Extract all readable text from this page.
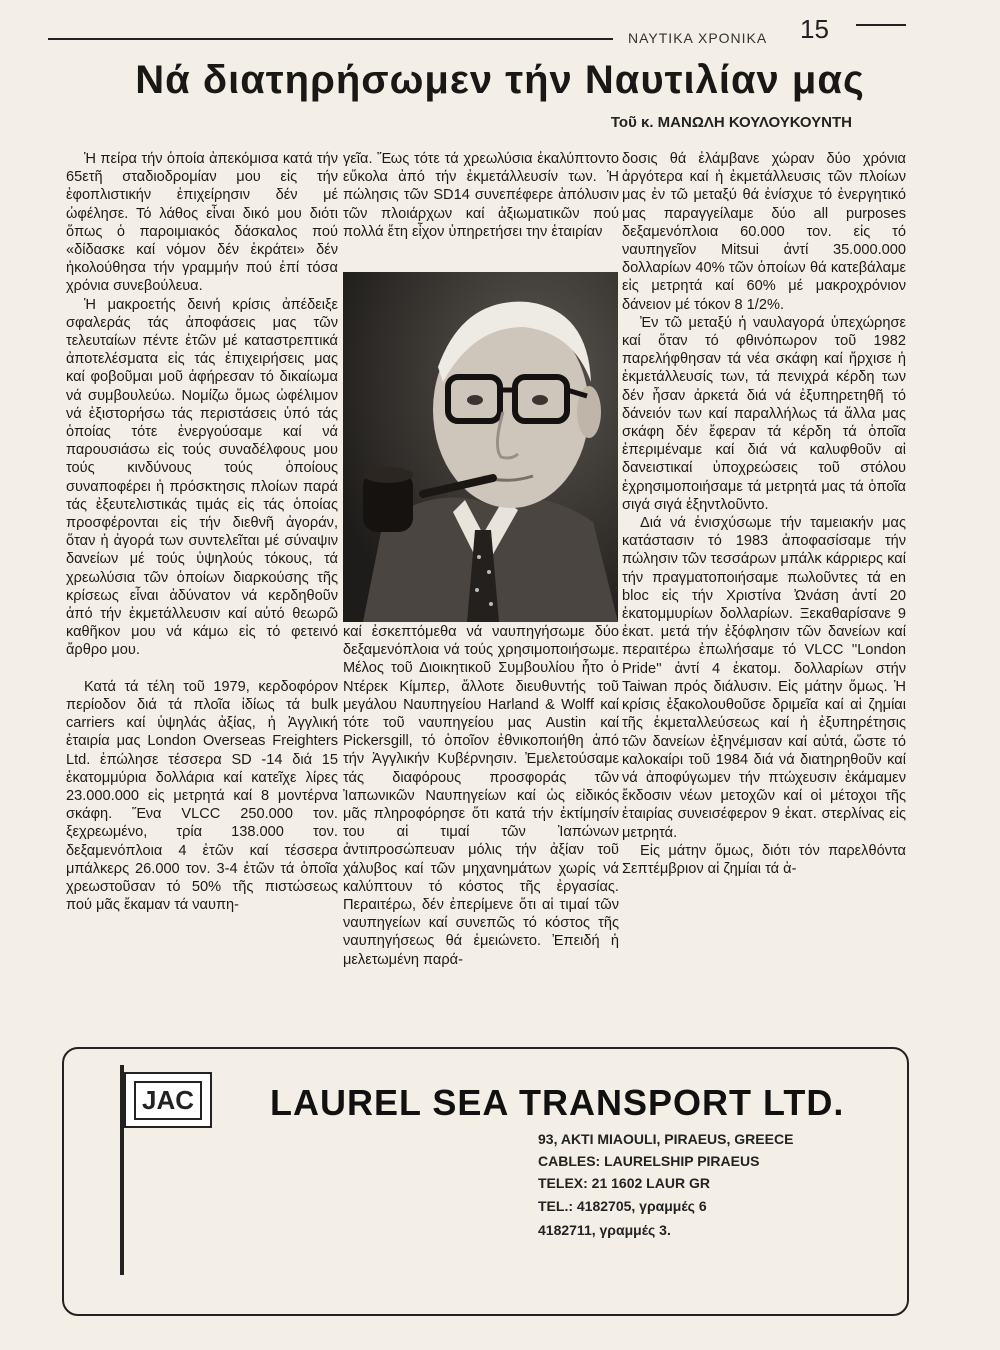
ΝΑΥΤΙΚΑ ΧΡΟΝΙΚΑ 15
Νά διατηρήσωμεν τήν Ναυτιλίαν μας
Τοῦ κ. ΜΑΝΩΛΗ ΚΟΥΛΟΥΚΟΥΝΤΗ

Ἡ πείρα τήν ὁποία ἀπεκόμισα κατά τήν 65ετῆ σταδιοδρομίαν μου εἰς τήν ἐφοπλιστικήν ἐπιχείρησιν δέν μέ ὠφέλησε. Τό λάθος εἶναι δικό μου διότι ὅπως ὁ παροιμιακός δάσκαλος πού «δίδασκε καί νόμον δέν ἐκράτει» δέν ἠκολούθησα τήν γραμμήν πού ἐπί τόσα χρόνια συνεβούλευα.

Ἡ μακροετής δεινή κρίσις ἀπέδειξε σφαλεράς τάς ἀποφάσεις μας τῶν τελευταίων πέντε ἐτῶν μέ καταστρεπτικά ἀποτελέσματα εἰς τάς ἐπιχειρήσεις μας καί φοβοῦμαι μοῦ ἀφήρεσαν τό δικαίωμα νά συμβουλεύω. Νομίζω ὅμως ὠφέλιμον νά ἐξιστορήσω τάς περιστάσεις ὑπό τάς ὁποίας τότε ἐνεργούσαμε καί νά παρουσιάσω εἰς τούς συναδέλφους μου τούς κινδύνους τούς ὁποίους συναποφέρει ἡ πρόσκτησις πλοίων παρά τάς ἐξευτελιστικάς τιμάς εἰς τάς ὁποίας προσφέρονται εἰς τήν διεθνῆ ἀγοράν, ὅταν ἡ ἀγορά των συντελεῖται μέ σύναψιν δανείων μέ τούς ὑψηλούς τόκους, τά χρεωλύσια τῶν ὁποίων διαρκούσης τῆς κρίσεως εἶναι ἀδύνατον νά κερδηθοῦν ἀπό τήν ἐκμετάλλευσιν καί αὐτό θεωρῶ καθῆκον μου νά κάμω εἰς τό φετεινό ἄρθρο μου.

Κατά τά τέλη τοῦ 1979, κερδοφόρον περίοδον διά τά πλοῖα ἰδίως τά bulk carriers καί ὑψηλάς ἀξίας, ἡ Ἀγγλική ἑταιρία μας London Overseas Freighters Ltd. ἐπώλησε τέσσερα SD -14 διά 15 ἑκατομμύρια δολλάρια καί κατεῖχε λίρες 23.000.000 εἰς μετρητά καί 8 μοντέρνα σκάφη. Ἕνα VLCC 250.000 τον. ξεχρεωμένο, τρία 138.000 τον. δεξαμενόπλοια 4 ἐτῶν καί τέσσερα μπάλκερς 26.000 τον. 3-4 ἐτῶν τά ὁποῖα χρεωστοῦσαν τό 50% τῆς πιστώσεως πού μᾶς ἔκαμαν τά ναυπη-

γεῖα. Ἕως τότε τά χρεωλύσια ἐκαλύπτοντο εὔκολα ἀπό τήν ἐκμετάλλευσίν των. Ἡ πώλησις τῶν SD14 συνεπέφερε ἀπόλυσιν τῶν πλοιάρχων καί ἀξιωματικῶν πού πολλά ἔτη εἶχον ὑπηρετήσει την ἑταιρίαν

καί ἐσκεπτόμεθα νά ναυπηγήσωμε δύο δεξαμενόπλοια νά τούς χρησιμοποιήσωμε. Μέλος τοῦ Διοικητικοῦ Συμβουλίου ἦτο ὁ Ντέρεκ Κίμπερ, ἄλλοτε διευθυντής τοῦ μεγάλου Ναυπηγείου Harland & Wolff καί τότε τοῦ ναυπηγείου μας Austin καί Pickersgill, τό ὁποῖον ἐθνικοποιήθη ἀπό τήν Ἀγγλικήν Κυβέρνησιν. Ἐμελετούσαμε τάς διαφόρους προσφοράς τῶν Ἰαπωνικῶν Ναυπηγείων καί ὡς εἰδικός μᾶς πληροφόρησε ὅτι κατά τήν ἐκτίμησίν του αἱ τιμαί τῶν Ἰαπώνων ἀντιπροσώπευαν μόλις τήν ἀξίαν τοῦ χάλυβος καί τῶν μηχανημάτων χωρίς νά καλύπτουν τό κόστος τῆς ἐργασίας. Περαιτέρω, δέν ἐπερίμενε ὅτι αἱ τιμαί τῶν ναυπηγείων καί συνεπῶς τό κόστος τῆς ναυπηγήσεως θά ἐμειώνετο. Ἐπειδή ἡ μελετωμένη παρά-

δοσις θά ἐλάμβανε χώραν δύο χρόνια ἀργότερα καί ἡ ἐκμετάλλευσις τῶν πλοίων μας ἐν τῶ μεταξύ θά ἐνίσχυε τό ἐνεργητικό μας παραγγείλαμε δύο all purposes δεξαμενόπλοια 60.000 τον. εἰς τό ναυπηγεῖον Mitsui ἀντί 35.000.000 δολλαρίων 40% τῶν ὁποίων θά κατεβάλαμε εἰς μετρητά καί 60% μέ μακροχρόνιον δάνειον μέ τόκον 8 1/2%.

Ἐν τῶ μεταξύ ἡ ναυλαγορά ὑπεχώρησε καί ὅταν τό φθινόπωρον τοῦ 1982 παρελήφθησαν τά νέα σκάφη καί ἤρχισε ἡ ἐκμετάλλευσίς των, τά πενιχρά κέρδη των δέν ἦσαν ἀρκετά διά νά ἐξυπηρετηθῆ τό δάνειόν των καί παραλλήλως τά ἄλλα μας σκάφη δέν ἔφεραν τά κέρδη τά ὁποῖα ἐπεριμέναμε καί διά νά καλυφθοῦν αἱ δανειστικαί ὑποχρεώσεις τοῦ στόλου ἐχρησιμοποιήσαμε τά μετρητά μας τά ὁποῖα σιγά σιγά ἐξηντλοῦντο.

Διά νά ἐνισχύσωμε τήν ταμειακήν μας κατάστασιν τό 1983 ἀποφασίσαμε τήν πώλησιν τῶν τεσσάρων μπάλκ κάρριερς καί τήν πραγματοποιήσαμε πωλοῦντες τά en bloc εἰς τήν Χριστίνα Ὠνάση ἀντί 20 ἑκατομμυρίων δολλαρίων. Ξεκαθαρίσανε 9 ἑκατ. μετά τήν ἐξόφλησιν τῶν δανείων καί περαιτέρω ἐπωλήσαμε τό VLCC ''London Pride'' ἀντί 4 ἑκατομ. δολλαρίων στήν Taiwan πρός διάλυσιν. Εἰς μάτην ὅμως. Ἡ κρίσις ἐξακολουθοῦσε δριμεῖα καί αἱ ζημίαι τῆς ἐκμεταλλεύσεως καί ἡ ἐξυπηρέτησις τῶν δανείων ἐξηνέμισαν καί αὐτά, ὥστε τό καλοκαίρι τοῦ 1984 διά νά διατηρηθοῦν καί νά ἀποφύγωμεν τήν πτώχευσιν ἐκάμαμεν ἔκδοσιν νέων μετοχῶν καί οἱ μέτοχοι τῆς ἑταιρίας συνεισέφερον 9 ἑκατ. στερλίνας εἰς μετρητά.

Εἰς μάτην ὅμως, διότι τόν παρελθόντα Σεπτέμβριον αἱ ζημίαι τά ἀ-

JAC LAUREL SEA TRANSPORT LTD.
93, AKTI MIAOULI, PIRAEUS, GREECE
CABLES: LAURELSHIP PIRAEUS
TELEX: 21 1602 LAUR GR
TEL.: 4182705, γραμμές 6
4182711, γραμμές 3.
